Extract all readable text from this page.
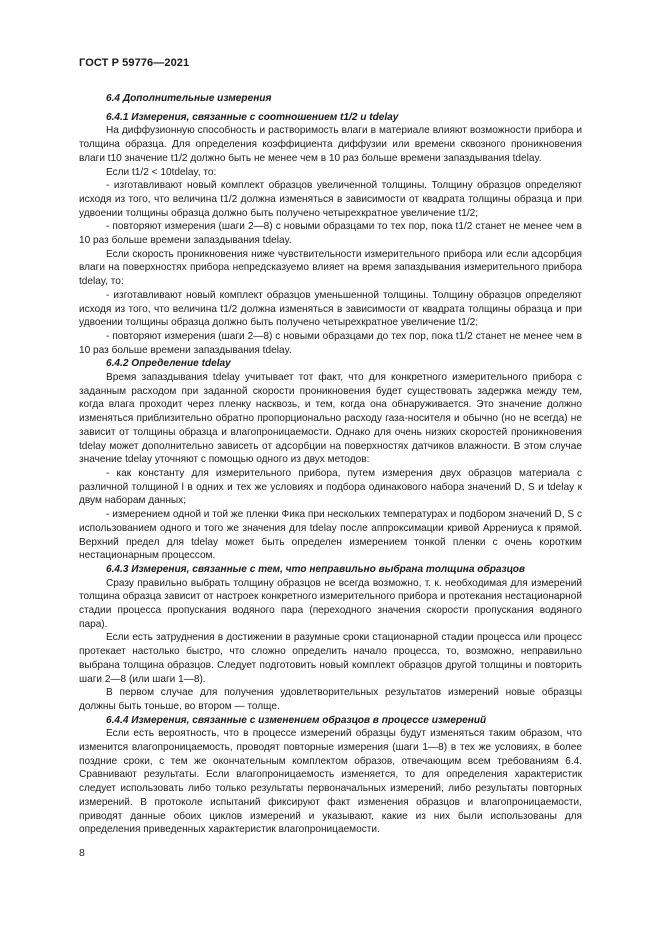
ГОСТ Р 59776—2021

6.4 Дополнительные измерения

6.4.1 Измерения, связанные с соотношением t1/2 и tdelay

На диффузионную способность и растворимость влаги в материале влияют возможности прибора и толщина образца. Для определения коэффициента диффузии или времени сквозного проникновения влаги t10 значение t1/2 должно быть не менее чем в 10 раз больше времени запаздывания tdelay.

Если t1/2 < 10tdelay, то:

- изготавливают новый комплект образцов увеличенной толщины. Толщину образцов определяют исходя из того, что величина t1/2 должна изменяться в зависимости от квадрата толщины образца и при удвоении толщины образца должно быть получено четырехкратное увеличение t1/2;

- повторяют измерения (шаги 2—8) с новыми образцами то тех пор, пока t1/2 станет не менее чем в 10 раз больше времени запаздывания tdelay.

Если скорость проникновения ниже чувствительности измерительного прибора или если адсорбция влаги на поверхностях прибора непредсказуемо влияет на время запаздывания измерительного прибора tdelay, то:

- изготавливают новый комплект образцов уменьшенной толщины. Толщину образцов определяют исходя из того, что величина t1/2 должна изменяться в зависимости от квадрата толщины образца и при удвоении толщины образца должно быть получено четырехкратное увеличение t1/2;

- повторяют измерения (шаги 2—8) с новыми образцами до тех пор, пока t1/2 станет не менее чем в 10 раз больше времени запаздывания tdelay.

6.4.2 Определение tdelay

Время запаздывания tdelay учитывает тот факт, что для конкретного измерительного прибора с заданным расходом при заданной скорости проникновения будет существовать задержка между тем, когда влага проходит через пленку насквозь, и тем, когда она обнаруживается. Это значение должно изменяться приблизительно обратно пропорционально расходу газа-носителя и обычно (но не всегда) не зависит от толщины образца и влагопроницаемости. Однако для очень низких скоростей проникновения tdelay может дополнительно зависеть от адсорбции на поверхностях датчиков влажности. В этом случае значение tdelay уточняют с помощью одного из двух методов:

- как константу для измерительного прибора, путем измерения двух образцов материала с различной толщиной l в одних и тех же условиях и подбора одинакового набора значений D, S и tdelay к двум наборам данных;

- измерением одной и той же пленки Фика при нескольких температурах и подбором значений D, S с использованием одного и того же значения для tdelay после аппроксимации кривой Аррениуса к прямой. Верхний предел для tdelay может быть определен измерением тонкой пленки с очень коротким нестационарным процессом.

6.4.3 Измерения, связанные с тем, что неправильно выбрана толщина образцов

Сразу правильно выбрать толщину образцов не всегда возможно, т. к. необходимая для измерений толщина образца зависит от настроек конкретного измерительного прибора и протекания нестационарной стадии процесса пропускания водяного пара (переходного значения скорости пропускания водяного пара).

Если есть затруднения в достижении в разумные сроки стационарной стадии процесса или процесс протекает настолько быстро, что сложно определить начало процесса, то, возможно, неправильно выбрана толщина образцов. Следует подготовить новый комплект образцов другой толщины и повторить шаги 2—8 (или шаги 1—8).

В первом случае для получения удовлетворительных результатов измерений новые образцы должны быть тоньше, во втором — толще.

6.4.4 Измерения, связанные с изменением образцов в процессе измерений

Если есть вероятность, что в процессе измерений образцы будут изменяться таким образом, что изменится влагопроницаемость, проводят повторные измерения (шаги 1—8) в тех же условиях, в более поздние сроки, с тем же окончательным комплектом образов, отвечающим всем требованиям 6.4. Сравнивают результаты. Если влагопроницаемость изменяется, то для определения характеристик следует использовать либо только результаты первоначальных измерений, либо результаты повторных измерений. В протоколе испытаний фиксируют факт изменения образцов и влагопроницаемости, приводят данные обоих циклов измерений и указывают, какие из них были использованы для определения приведенных характеристик влагопроницаемости.

8
